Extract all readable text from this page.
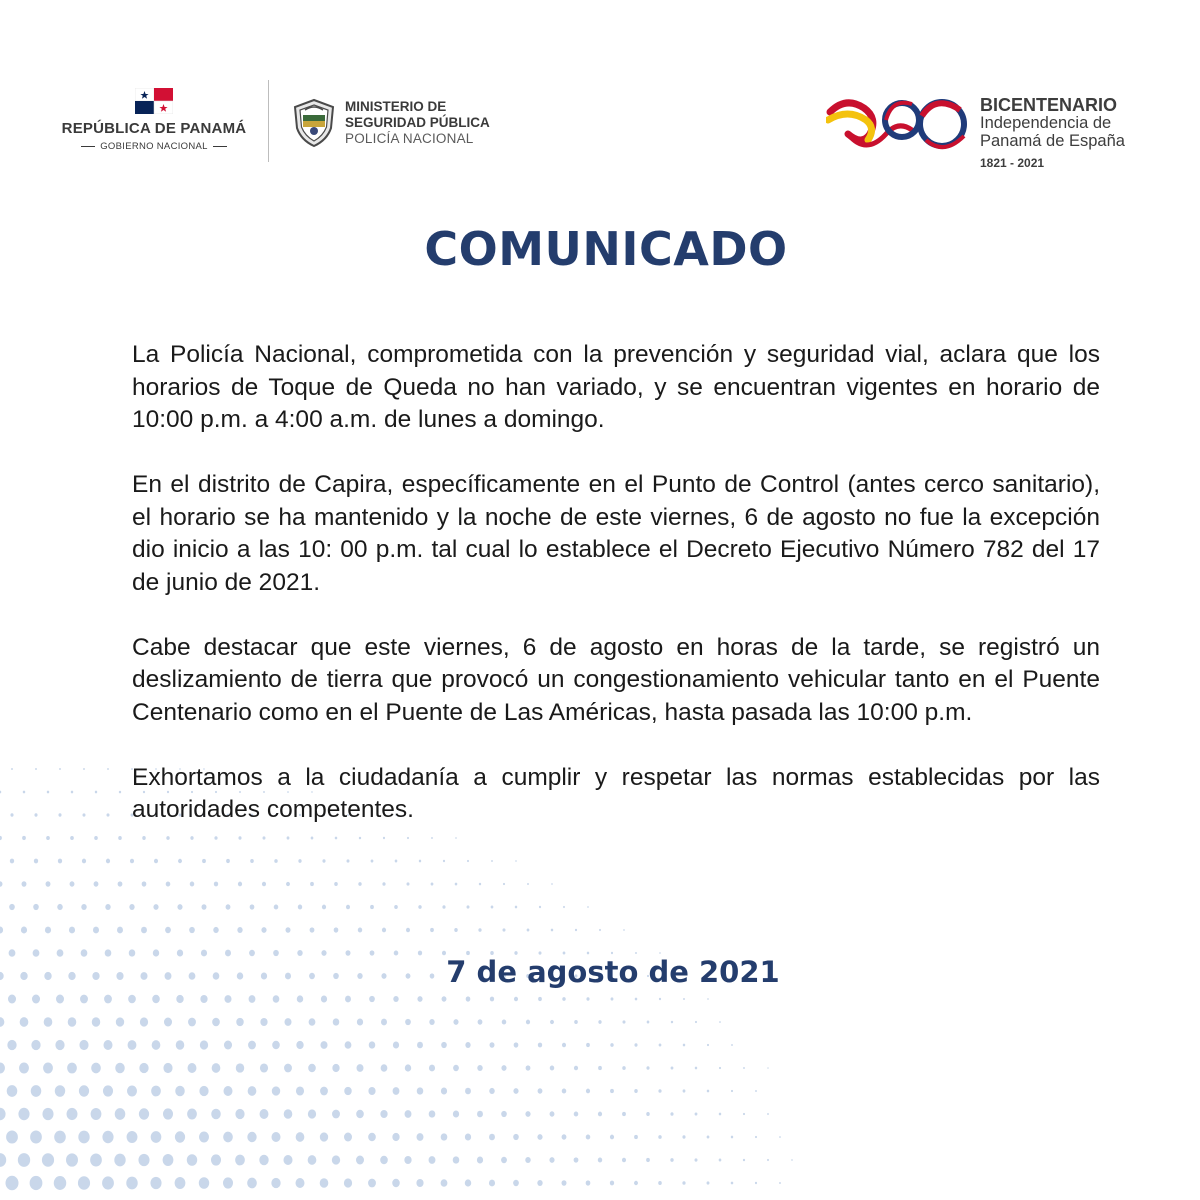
REPÚBLICA DE PANAMÁ
GOBIERNO NACIONAL
MINISTERIO DE
SEGURIDAD PÚBLICA
POLICÍA NACIONAL
BICENTENARIO
Independencia de
Panamá de España
1821 - 2021
COMUNICADO

La Policía Nacional, comprometida con la prevención y seguridad vial, aclara que los horarios de Toque de Queda no han variado, y se encuentran vigentes en horario de 10:00 p.m. a 4:00 a.m. de lunes a domingo.

En el distrito de Capira, específicamente en el Punto de Control (antes cerco sanitario), el horario se ha mantenido y la noche de este viernes, 6 de agosto no fue la excepción dio inicio a las 10: 00 p.m. tal cual lo establece el Decreto Ejecutivo Número 782 del 17 de junio de 2021.

Cabe destacar que este viernes, 6 de agosto en horas de la tarde, se registró un deslizamiento de tierra que provocó un congestionamiento vehicular tanto en el Puente Centenario como en el Puente de Las Américas, hasta pasada las 10:00 p.m.

Exhortamos a la ciudadanía a cumplir y respetar las normas establecidas por las autoridades competentes.

7 de agosto de 2021
